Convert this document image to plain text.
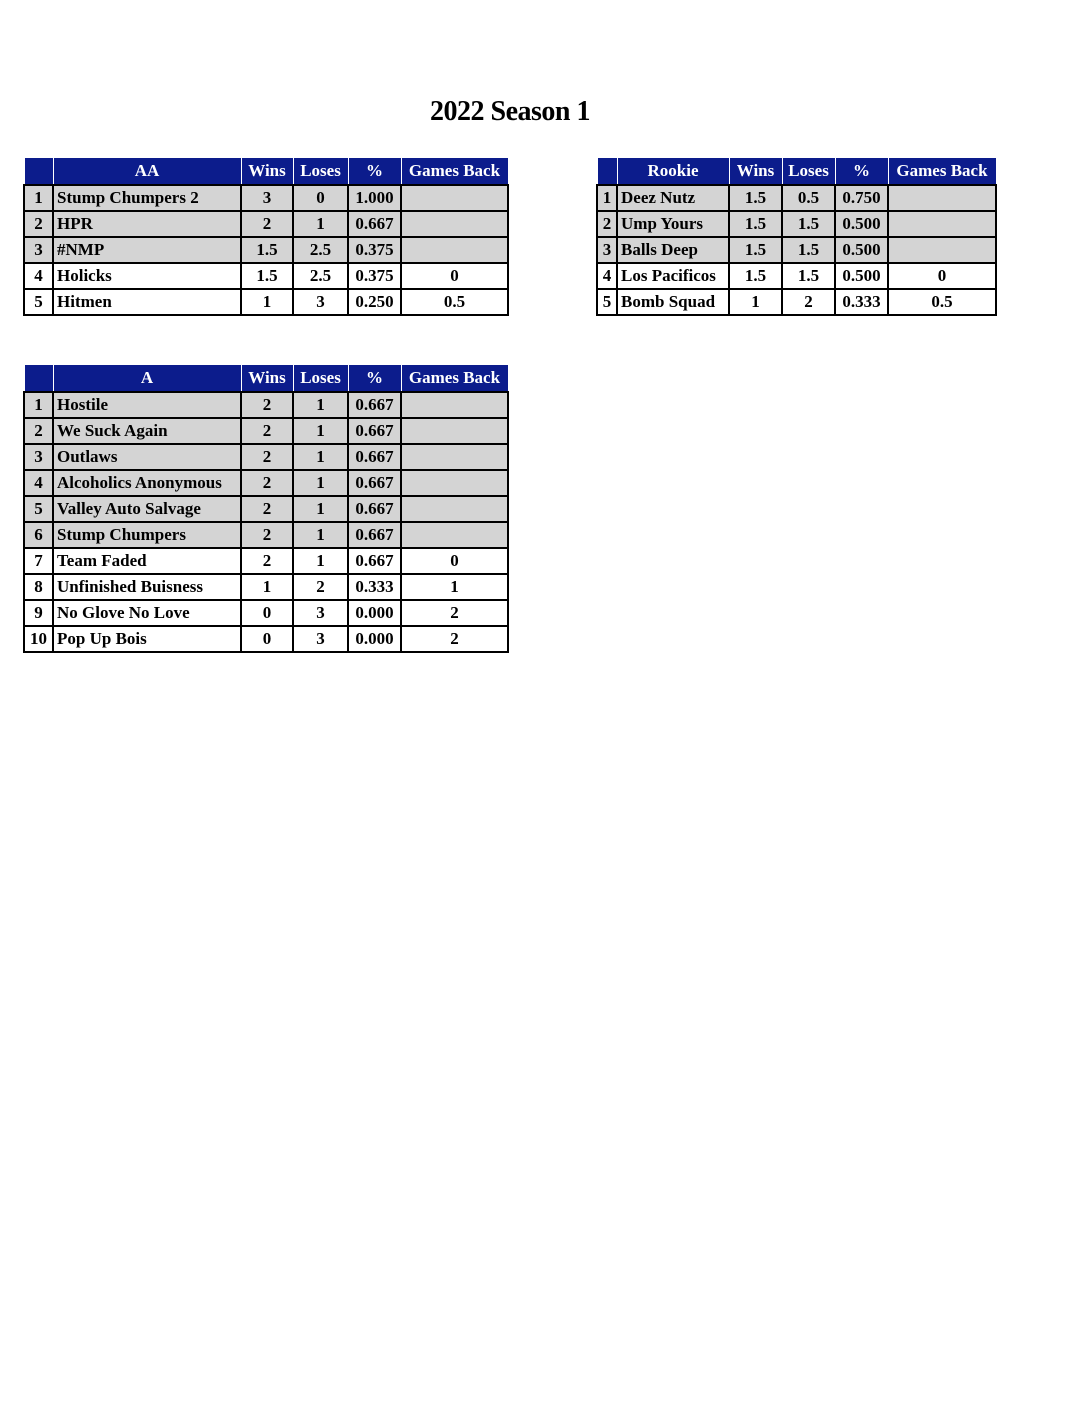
2022 Season 1
	AA	Wins	Loses	%	Games Back
1	Stump Chumpers 2	3	0	1.000	
2	HPR	2	1	0.667	
3	#NMP	1.5	2.5	0.375	
4	Holicks	1.5	2.5	0.375	0
5	Hitmen	1	3	0.250	0.5
	Rookie	Wins	Loses	%	Games Back
1	Deez Nutz	1.5	0.5	0.750	
2	Ump Yours	1.5	1.5	0.500	
3	Balls Deep	1.5	1.5	0.500	
4	Los Pacificos	1.5	1.5	0.500	0
5	Bomb Squad	1	2	0.333	0.5
	A	Wins	Loses	%	Games Back
1	Hostile	2	1	0.667	
2	We Suck Again	2	1	0.667	
3	Outlaws	2	1	0.667	
4	Alcoholics Anonymous	2	1	0.667	
5	Valley Auto Salvage	2	1	0.667	
6	Stump Chumpers	2	1	0.667	
7	Team Faded	2	1	0.667	0
8	Unfinished Buisness	1	2	0.333	1
9	No Glove No Love	0	3	0.000	2
10	Pop Up Bois	0	3	0.000	2
